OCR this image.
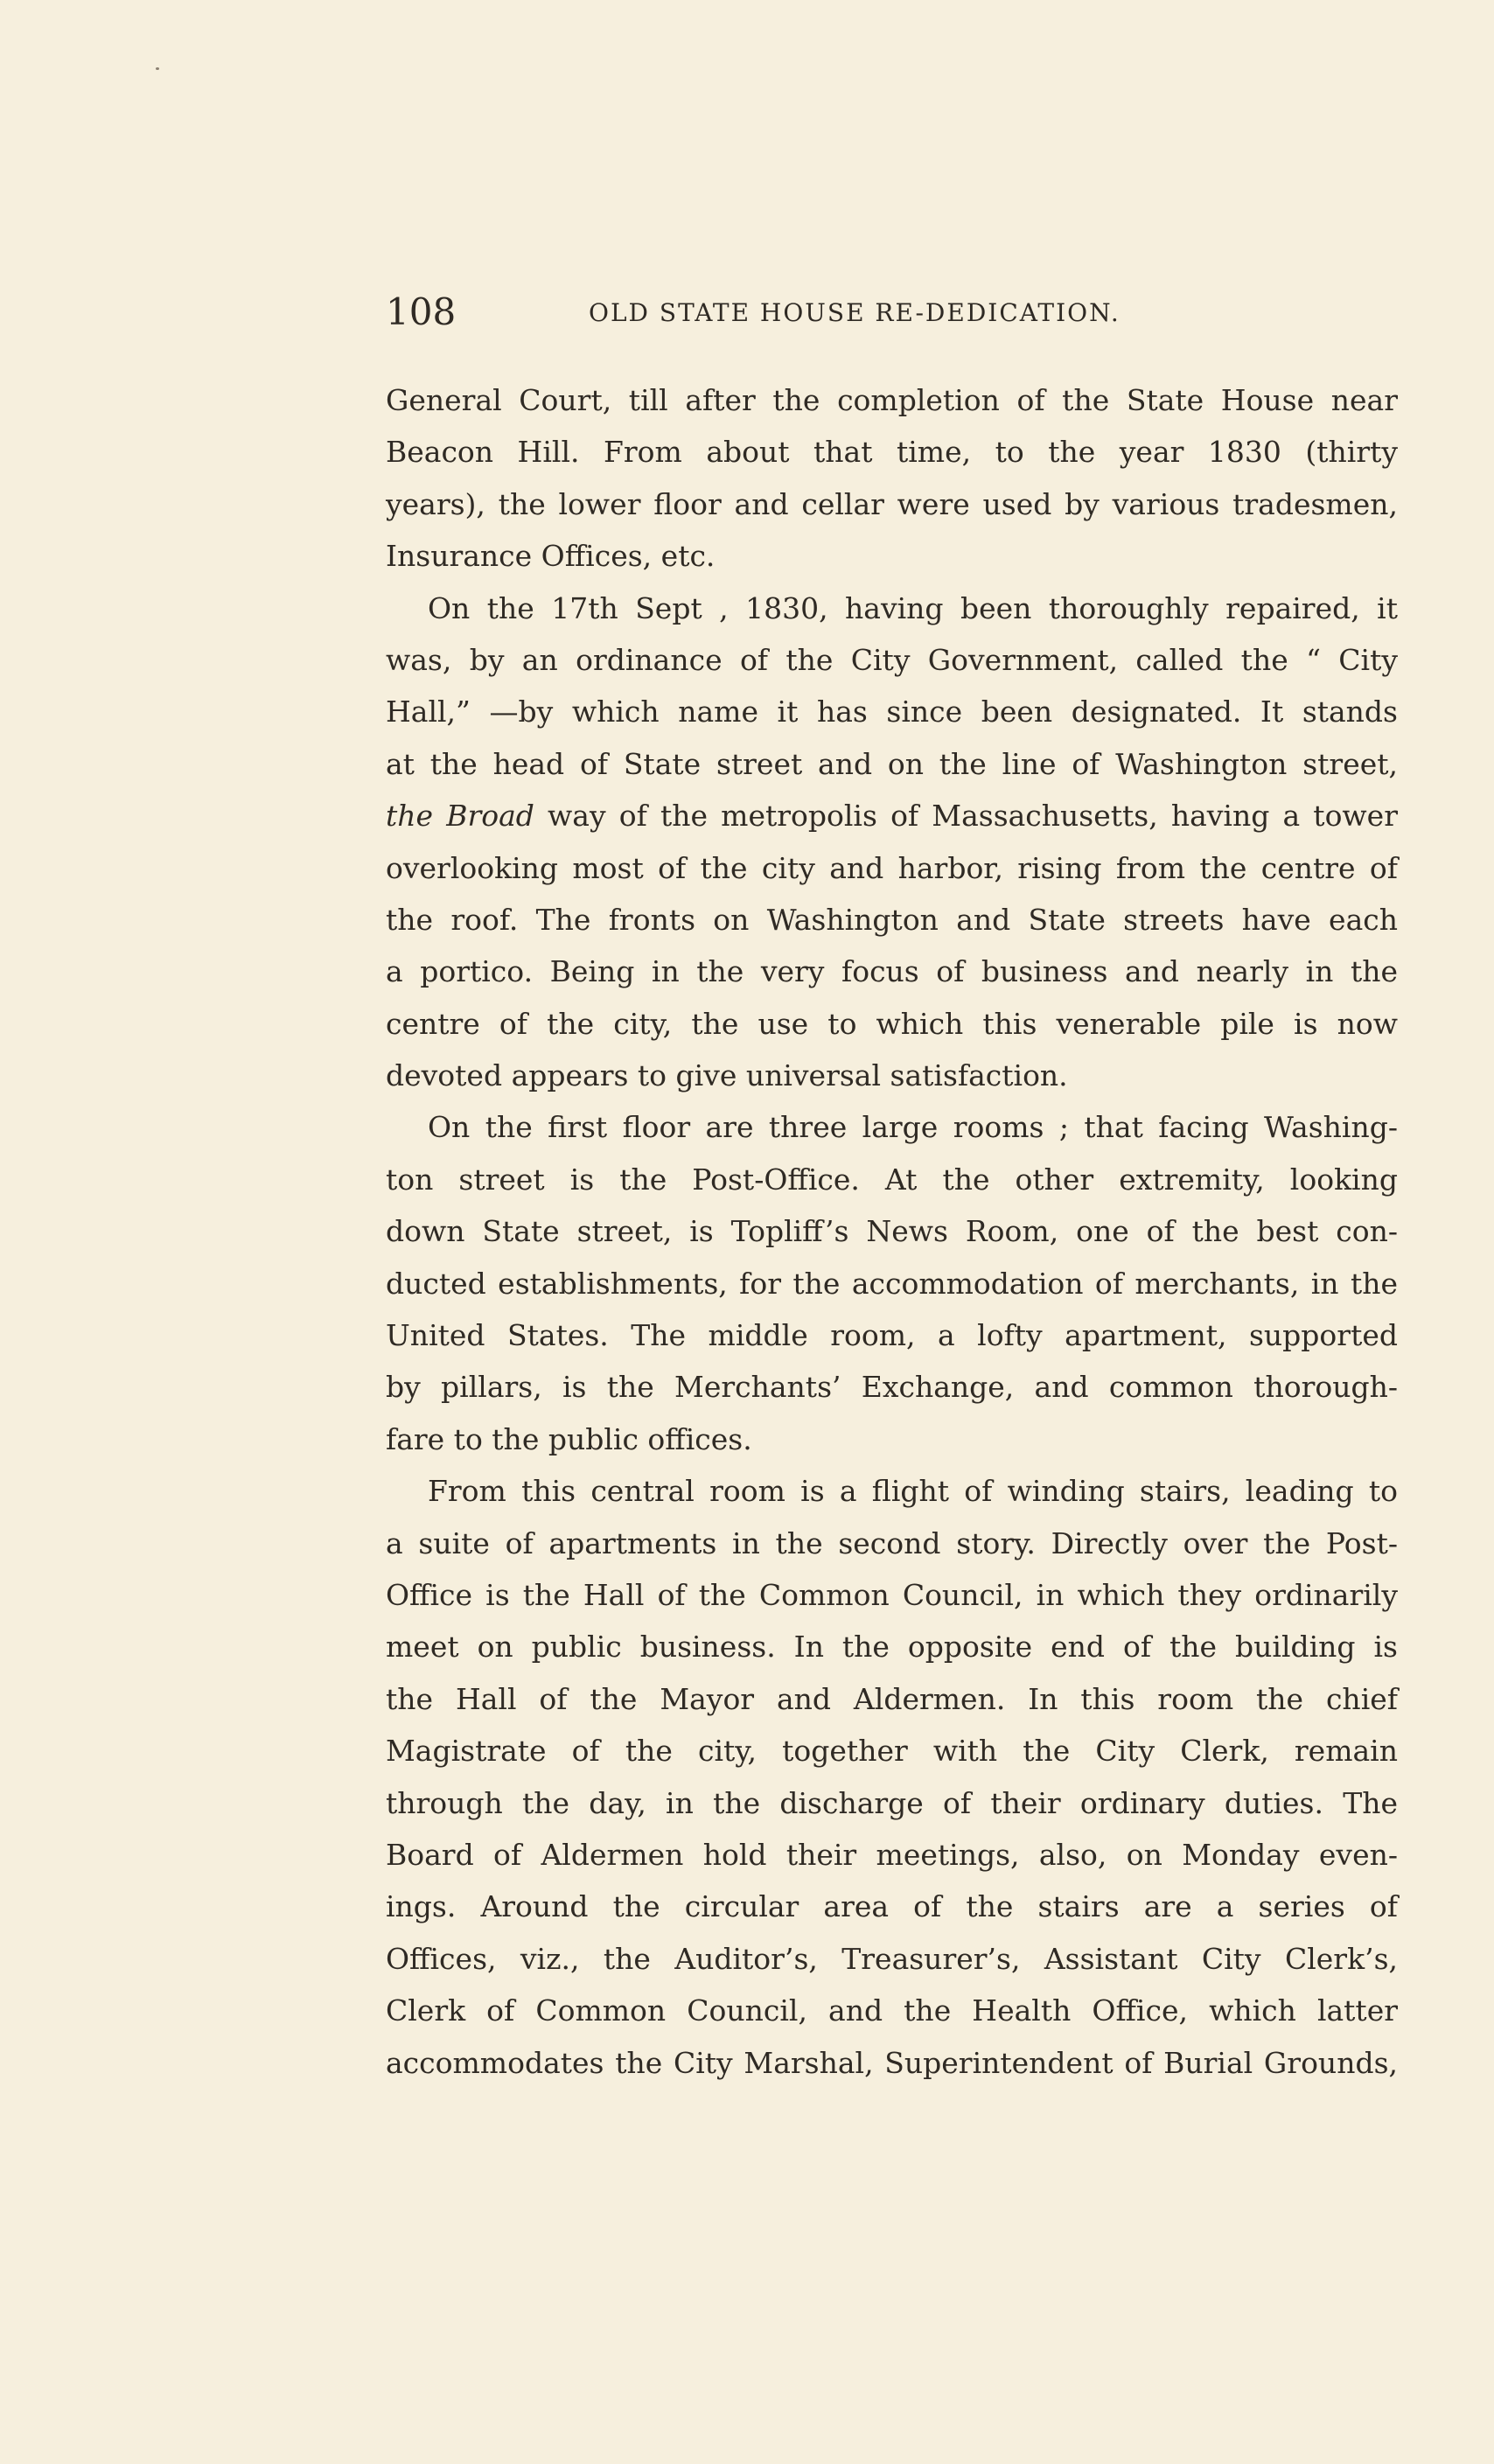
108	OLD STATE HOUSE RE-DEDICATION.
General Court, till after the completion of the State House near
Beacon Hill. From about that time, to the year 1830 (thirty
years), the lower floor and cellar were used by various tradesmen,
Insurance Offices, etc.
On the 17th Sept , 1830, having been thoroughly repaired, it
was, by an ordinance of the City Government, called the “ City
Hall,” —by which name it has since been designated. It stands
at the head of State street and on the line of Washington street,
the Broad way of the metropolis of Massachusetts, having a tower
overlooking most of the city and harbor, rising from the centre of
the roof. The fronts on Washington and State streets have each
a portico. Being in the very focus of business and nearly in the
centre of the city, the use to which this venerable pile is now
devoted appears to give universal satisfaction.
On the first floor are three large rooms ; that facing Washing-
ton street is the Post-Office. At the other extremity, looking
down State street, is Topliff’s News Room, one of the best con-
ducted establishments, for the accommodation of merchants, in the
United States. The middle room, a lofty apartment, supported
by pillars, is the Merchants’ Exchange, and common thorough-
fare to the public offices.
From this central room is a flight of winding stairs, leading to
a suite of apartments in the second story. Directly over the Post-
Office is the Hall of the Common Council, in which they ordinarily
meet on public business. In the opposite end of the building is
the Hall of the Mayor and Aldermen. In this room the chief
Magistrate of the city, together with the City Clerk, remain
through the day, in the discharge of their ordinary duties. The
Board of Aldermen hold their meetings, also, on Monday even-
ings. Around the circular area of the stairs are a series of
Offices, viz., the Auditor’s, Treasurer’s, Assistant City Clerk’s,
Clerk of Common Council, and the Health Office, which latter
accommodates the City Marshal, Superintendent of Burial Grounds,
